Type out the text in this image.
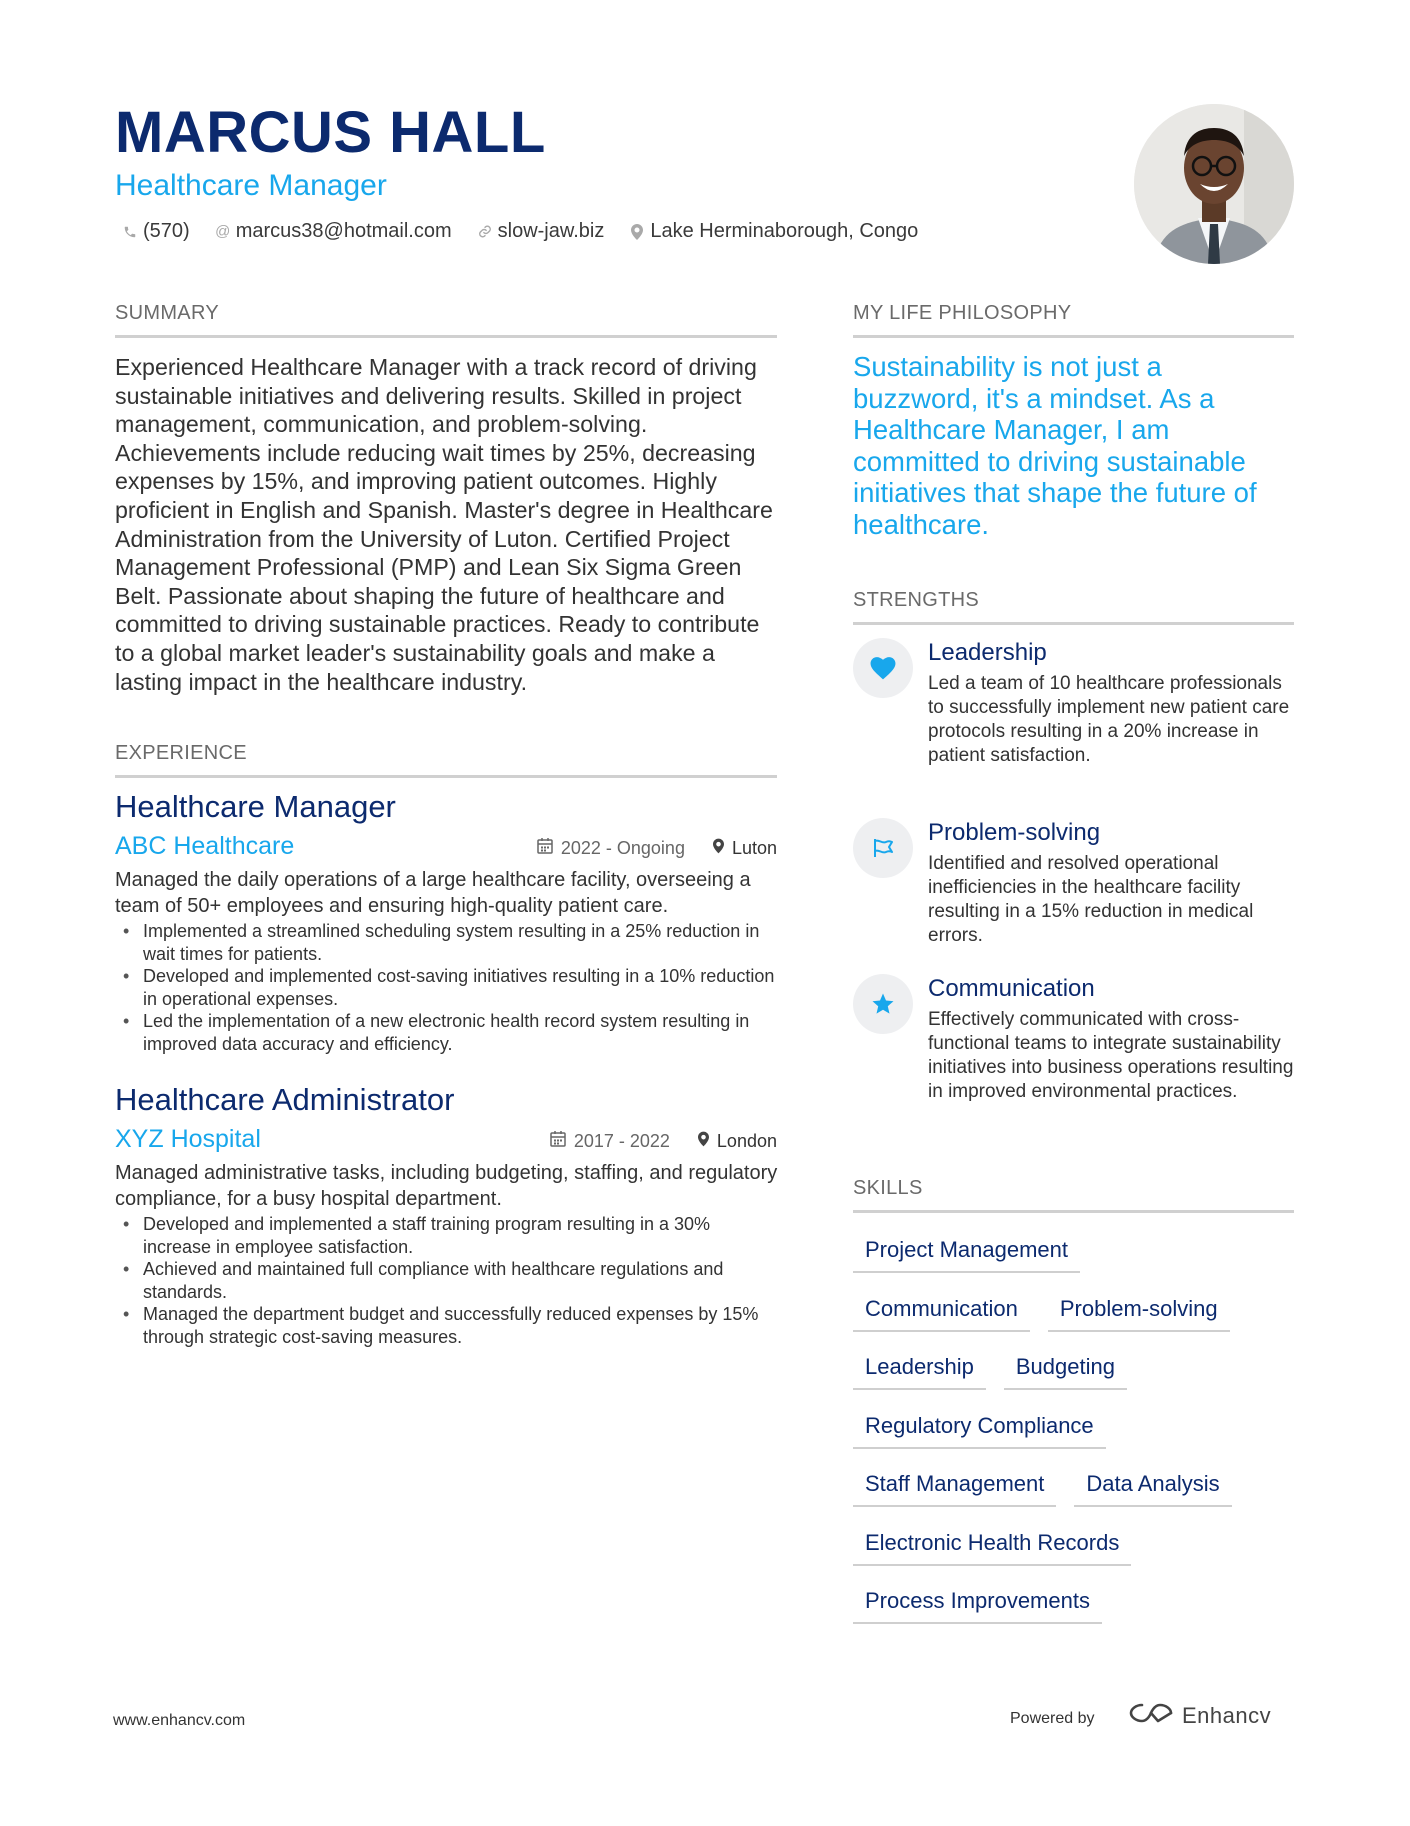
MARCUS HALL
Healthcare Manager
(570) @ marcus38@hotmail.com slow-jaw.biz Lake Herminaborough, Congo
SUMMARY
Experienced Healthcare Manager with a track record of driving sustainable initiatives and delivering results. Skilled in project management, communication, and problem-solving. Achievements include reducing wait times by 25%, decreasing expenses by 15%, and improving patient outcomes. Highly proficient in English and Spanish. Master's degree in Healthcare Administration from the University of Luton. Certified Project Management Professional (PMP) and Lean Six Sigma Green Belt. Passionate about shaping the future of healthcare and committed to driving sustainable practices. Ready to contribute to a global market leader's sustainability goals and make a lasting impact in the healthcare industry.
EXPERIENCE
Healthcare Manager
ABC Healthcare	2022 - Ongoing	Luton
Managed the daily operations of a large healthcare facility, overseeing a team of 50+ employees and ensuring high-quality patient care.
• Implemented a streamlined scheduling system resulting in a 25% reduction in wait times for patients.
• Developed and implemented cost-saving initiatives resulting in a 10% reduction in operational expenses.
• Led the implementation of a new electronic health record system resulting in improved data accuracy and efficiency.
Healthcare Administrator
XYZ Hospital	2017 - 2022	London
Managed administrative tasks, including budgeting, staffing, and regulatory compliance, for a busy hospital department.
• Developed and implemented a staff training program resulting in a 30% increase in employee satisfaction.
• Achieved and maintained full compliance with healthcare regulations and standards.
• Managed the department budget and successfully reduced expenses by 15% through strategic cost-saving measures.
MY LIFE PHILOSOPHY
Sustainability is not just a buzzword, it's a mindset. As a Healthcare Manager, I am committed to driving sustainable initiatives that shape the future of healthcare.
STRENGTHS
Leadership
Led a team of 10 healthcare professionals to successfully implement new patient care protocols resulting in a 20% increase in patient satisfaction.
Problem-solving
Identified and resolved operational inefficiencies in the healthcare facility resulting in a 15% reduction in medical errors.
Communication
Effectively communicated with cross-functional teams to integrate sustainability initiatives into business operations resulting in improved environmental practices.
SKILLS
Project Management
Communication	Problem-solving
Leadership	Budgeting
Regulatory Compliance
Staff Management	Data Analysis
Electronic Health Records
Process Improvements
www.enhancv.com	Powered by	Enhancv
